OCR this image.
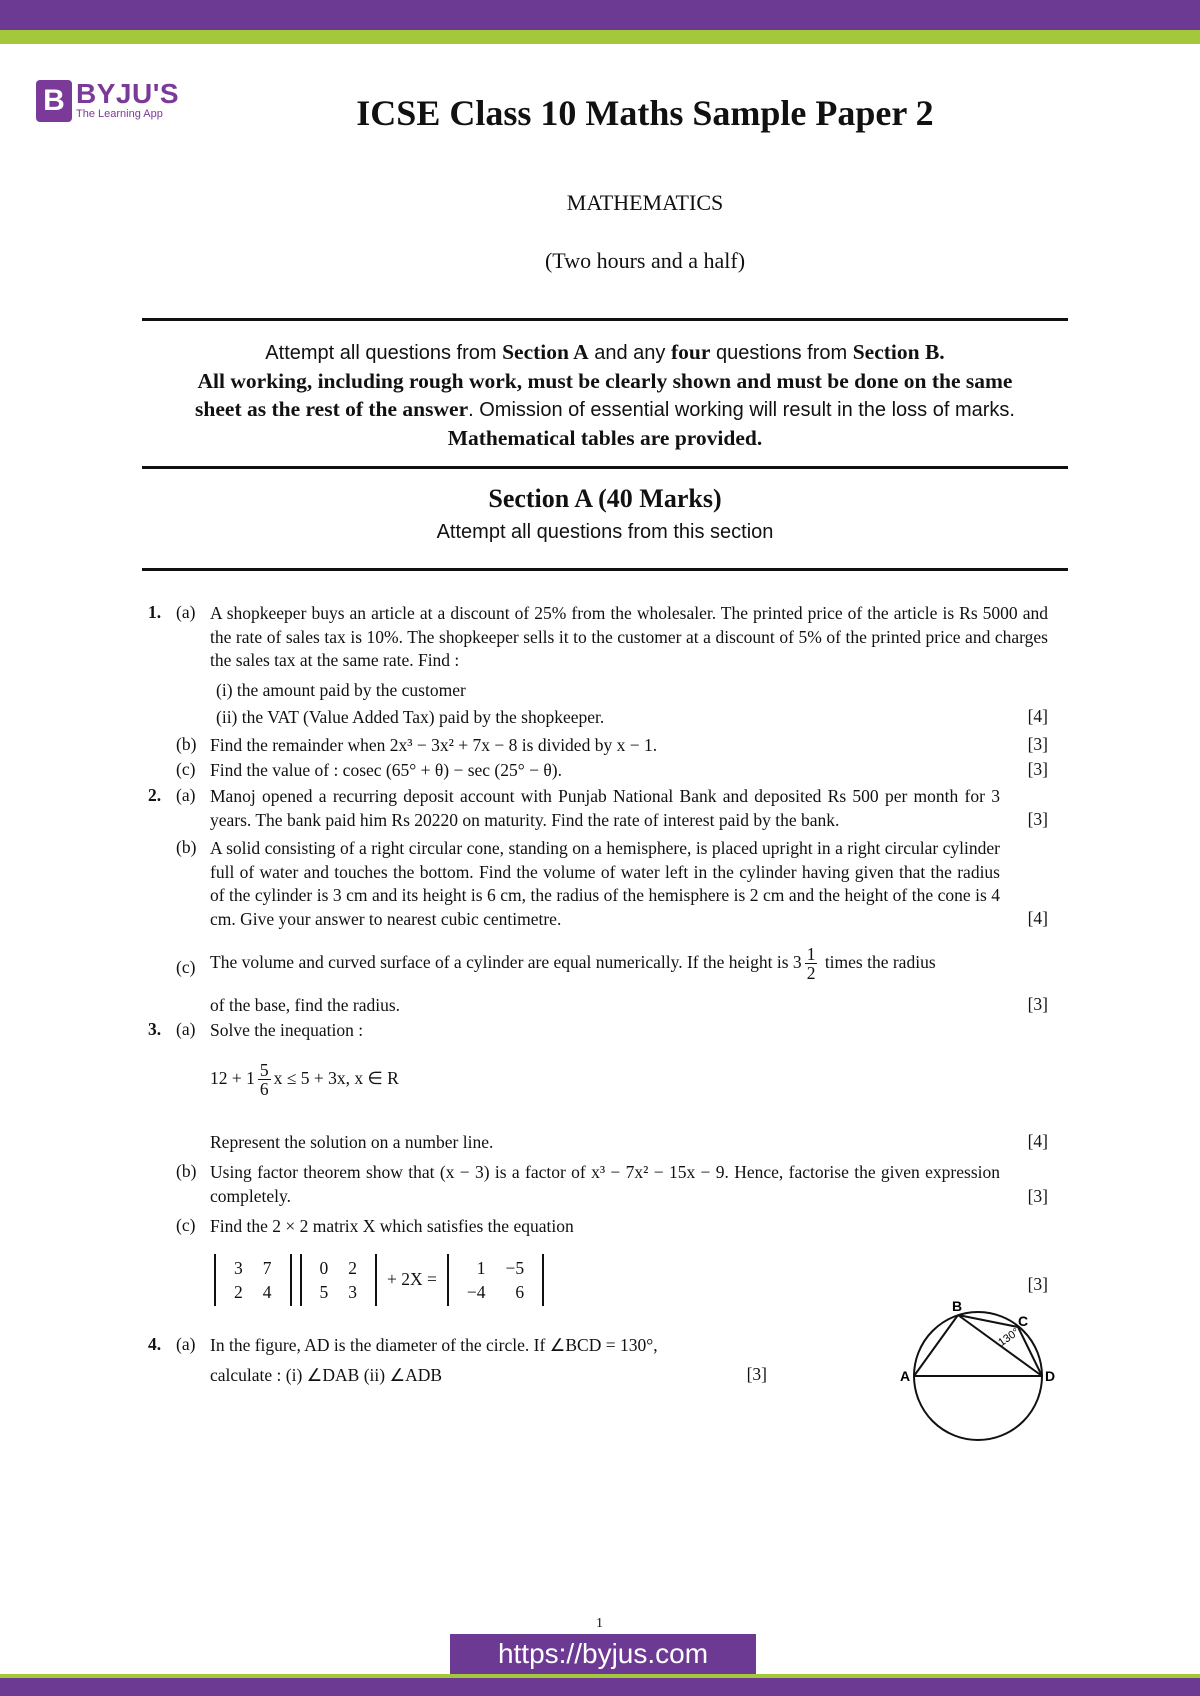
B BYJU'S
The Learning App	ICSE Class 10 Maths Sample Paper 2
MATHEMATICS
(Two hours and a half)
Attempt all questions from Section A and any four questions from Section B.
All working, including rough work, must be clearly shown and must be done on the same
sheet as the rest of the answer. Omission of essential working will result in the loss of marks.
Mathematical tables are provided.
Section A (40 Marks)
Attempt all questions from this section
1. (a) A shopkeeper buys an article at a discount of 25% from the wholesaler. The printed price of the article is Rs 5000 and the rate of sales tax is 10%. The shopkeeper sells it to the customer at a discount of 5% of the printed price and charges the sales tax at the same rate. Find :
(i) the amount paid by the customer
(ii) the VAT (Value Added Tax) paid by the shopkeeper.	[4]
(b) Find the remainder when 2x³ − 3x² + 7x − 8 is divided by x − 1.	[3]
(c) Find the value of : cosec (65° + θ) − sec (25° − θ).	[3]
2. (a) Manoj opened a recurring deposit account with Punjab National Bank and deposited Rs 500 per month for 3 years. The bank paid him Rs 20220 on maturity. Find the rate of interest paid by the bank.	[3]
(b) A solid consisting of a right circular cone, standing on a hemisphere, is placed upright in a right circular cylinder full of water and touches the bottom. Find the volume of water left in the cylinder having given that the radius of the cylinder is 3 cm and its height is 6 cm, the radius of the hemisphere is 2 cm and the height of the cone is 4 cm. Give your answer to nearest cubic centimetre.	[4]
(c) The volume and curved surface of a cylinder are equal numerically. If the height is $3 \frac{1}{2}$ times the radius
of the base, find the radius.	[3]
3. (a) Solve the inequation :
$12 + 1 \frac{5}{6}$ x ≤ 5 + 3x, x ∈ R
Represent the solution on a number line.	[4]
(b) Using factor theorem show that (x − 3) is a factor of x³ − 7x² − 15x − 9. Hence, factorise the given expression completely.	[3]
(c) Find the 2 × 2 matrix X which satisfies the equation
3	7
2	4
0	2
5	3
+ 2X =
1	−5
−4	6	[3]
4. (a) In the figure, AD is the diameter of the circle. If ∠BCD = 130°,
calculate : (i) ∠DAB (ii) ∠ADB	[3]
B
C
A	D
130°
1
https://byjus.com
